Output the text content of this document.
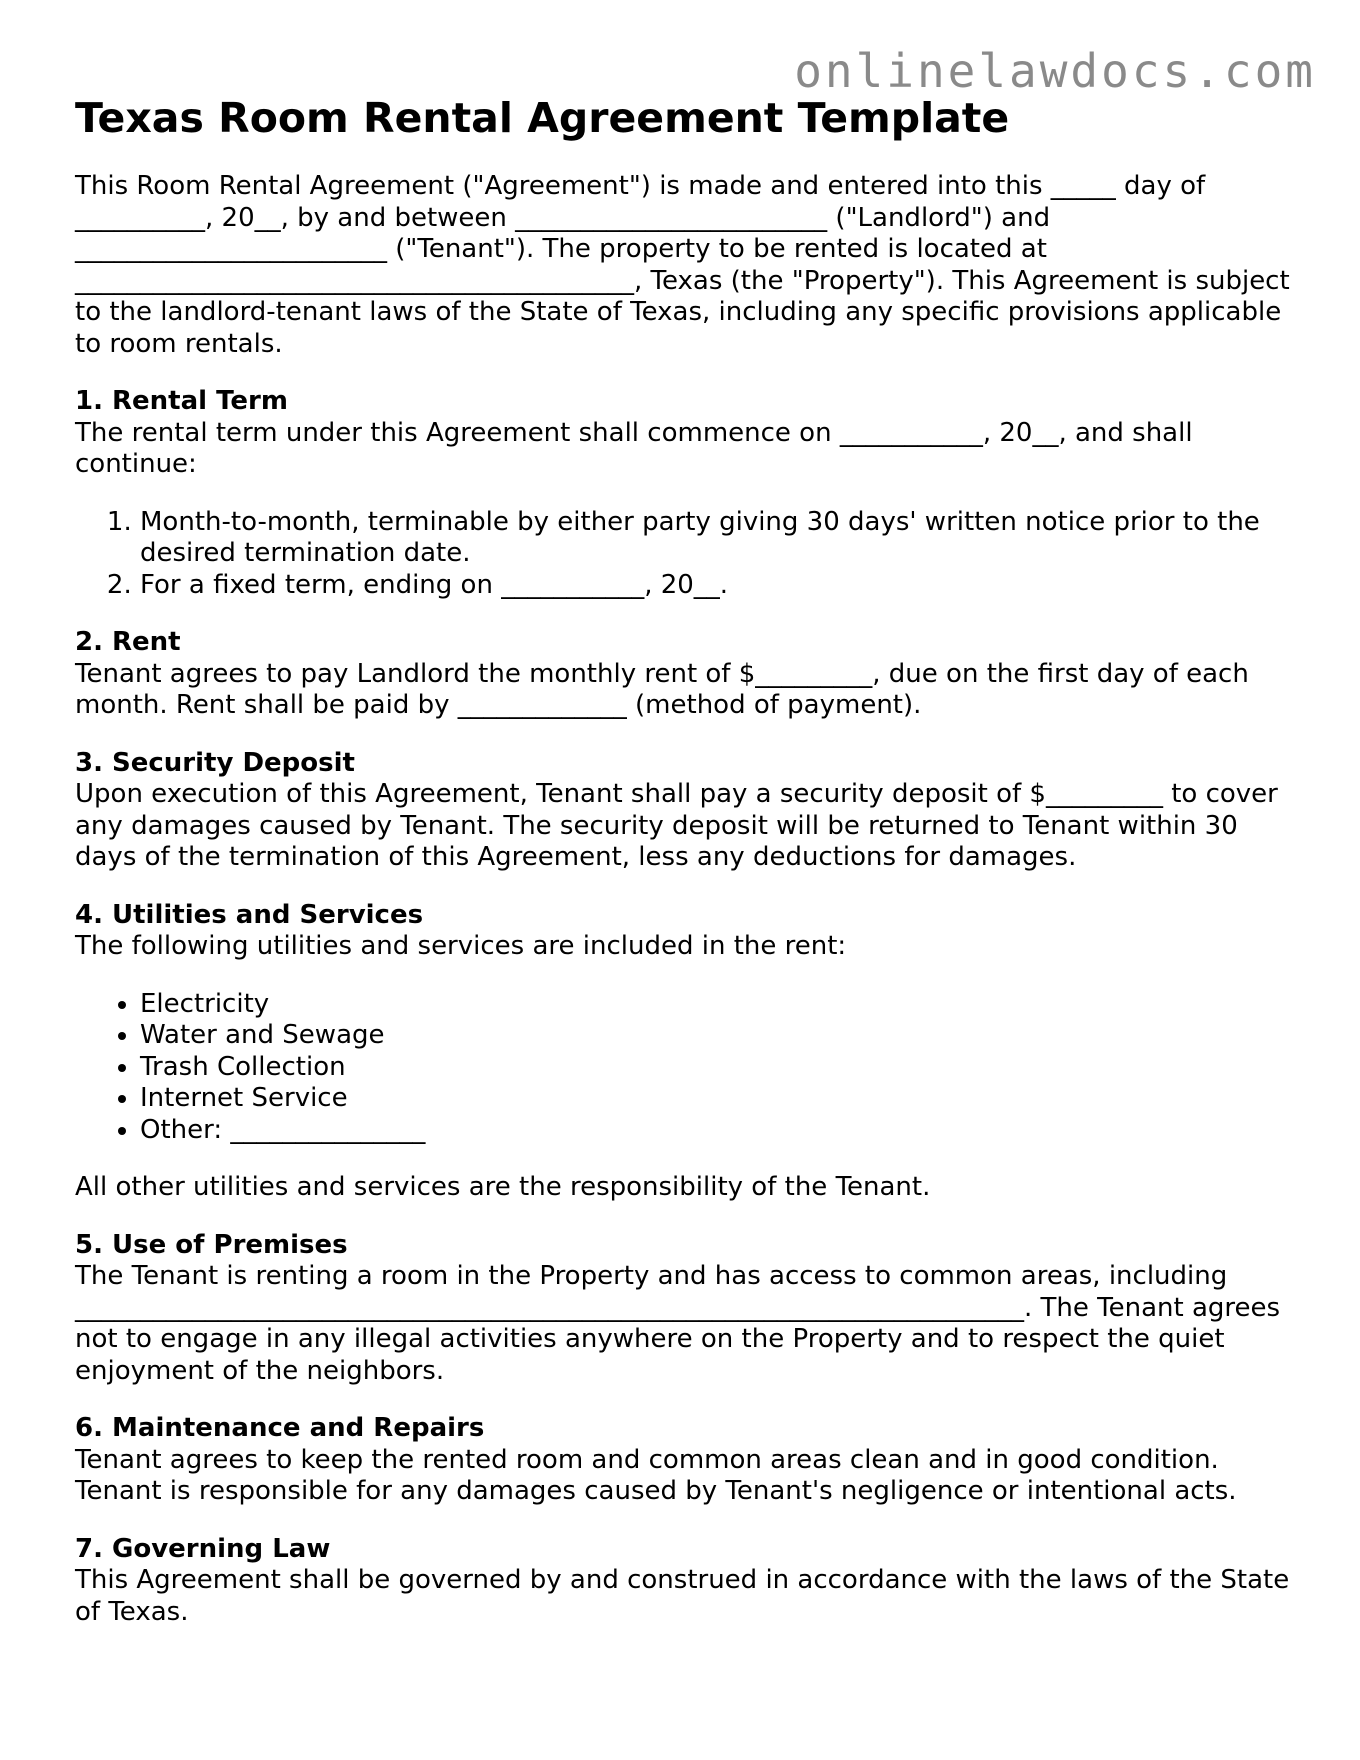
onlinelawdocs.com
Texas Room Rental Agreement Template

This Room Rental Agreement ("Agreement") is made and entered into this _____ day of __________, 20__, by and between ________________________ ("Landlord") and ________________________ ("Tenant"). The property to be rented is located at ___________________________________________, Texas (the "Property"). This Agreement is subject to the landlord-tenant laws of the State of Texas, including any specific provisions applicable to room rentals.

1. Rental Term

The rental term under this Agreement shall commence on ___________, 20__, and shall continue:

1. Month-to-month, terminable by either party giving 30 days' written notice prior to the desired termination date.
2. For a fixed term, ending on ___________, 20__.

2. Rent

Tenant agrees to pay Landlord the monthly rent of $_________, due on the first day of each month. Rent shall be paid by _____________ (method of payment).

3. Security Deposit

Upon execution of this Agreement, Tenant shall pay a security deposit of $_________ to cover any damages caused by Tenant. The security deposit will be returned to Tenant within 30 days of the termination of this Agreement, less any deductions for damages.

4. Utilities and Services

The following utilities and services are included in the rent:

• Electricity
• Water and Sewage
• Trash Collection
• Internet Service
• Other: _______________

All other utilities and services are the responsibility of the Tenant.

5. Use of Premises

The Tenant is renting a room in the Property and has access to common areas, including _________________________________________________________________________. The Tenant agrees not to engage in any illegal activities anywhere on the Property and to respect the quiet enjoyment of the neighbors.

6. Maintenance and Repairs

Tenant agrees to keep the rented room and common areas clean and in good condition. Tenant is responsible for any damages caused by Tenant's negligence or intentional acts.

7. Governing Law

This Agreement shall be governed by and construed in accordance with the laws of the State of Texas.
